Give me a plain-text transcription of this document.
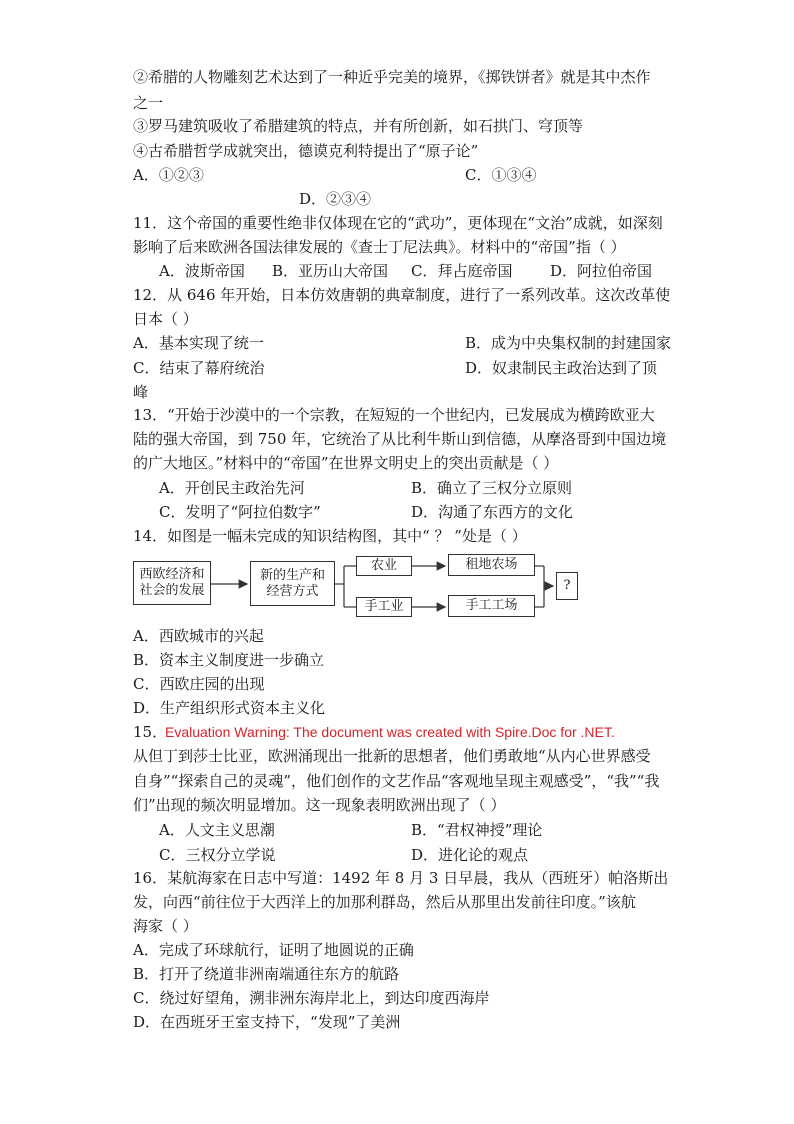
②希腊的人物雕刻艺术达到了一种近乎完美的境界，《掷铁饼者》就是其中杰作
之一
③罗马建筑吸收了希腊建筑的特点，并有所创新，如石拱门、穹顶等
④古希腊哲学成就突出，德谟克利特提出了“原子论”
A．①②③	C．①③④
D．②③④
11．这个帝国的重要性绝非仅体现在它的“武功”，更体现在“文治”成就，如深刻
影响了后来欧洲各国法律发展的《查士丁尼法典》。材料中的“帝国”指（ ）
A．波斯帝国 B．亚历山大帝国 C．拜占庭帝国	D．阿拉伯帝国
12．从 646 年开始，日本仿效唐朝的典章制度，进行了一系列改革。这次改革使
日本（ ）
A．基本实现了统一	B．成为中央集权制的封建国家
C．结束了幕府统治	D．奴隶制民主政治达到了顶
峰
13．“开始于沙漠中的一个宗教，在短短的一个世纪内，已发展成为横跨欧亚大
陆的强大帝国，到 750 年，它统治了从比利牛斯山到信德，从摩洛哥到中国边境
的广大地区。”材料中的“帝国”在世界文明史上的突出贡献是（ ）
A．开创民主政治先河	B．确立了三权分立原则
C．发明了“阿拉伯数字”	D．沟通了东西方的文化
14．如图是一幅未完成的知识结构图，其中“ ？ ”处是（ ）
西欧经济和
社会的发展
新的生产和
经营方式
农业	租地农场
手工业	手工工场
?
A．西欧城市的兴起
B．资本主义制度进一步确立
C．西欧庄园的出现
D．生产组织形式资本主义化
15．
Evaluation Warning: The document was created with Spire.Doc for .NET.
从但丁到莎士比亚，欧洲涌现出一批新的思想者，他们勇敢地“从内心世界感受
自身”“探索自己的灵魂”，他们创作的文艺作品“客观地呈现主观感受”，“我”“我
们”出现的频次明显增加。这一现象表明欧洲出现了（ ）
A．人文主义思潮	B．“君权神授”理论
C．三权分立学说	D．进化论的观点
16．某航海家在日志中写道：1492 年 8 月 3 日早晨，我从（西班牙）帕洛斯出
发，向西“前往位于大西洋上的加那利群岛，然后从那里出发前往印度。”该航
海家（ ）
A．完成了环球航行，证明了地圆说的正确
B．打开了绕道非洲南端通往东方的航路
C．绕过好望角，溯非洲东海岸北上，到达印度西海岸
D．在西班牙王室支持下，“发现”了美洲
